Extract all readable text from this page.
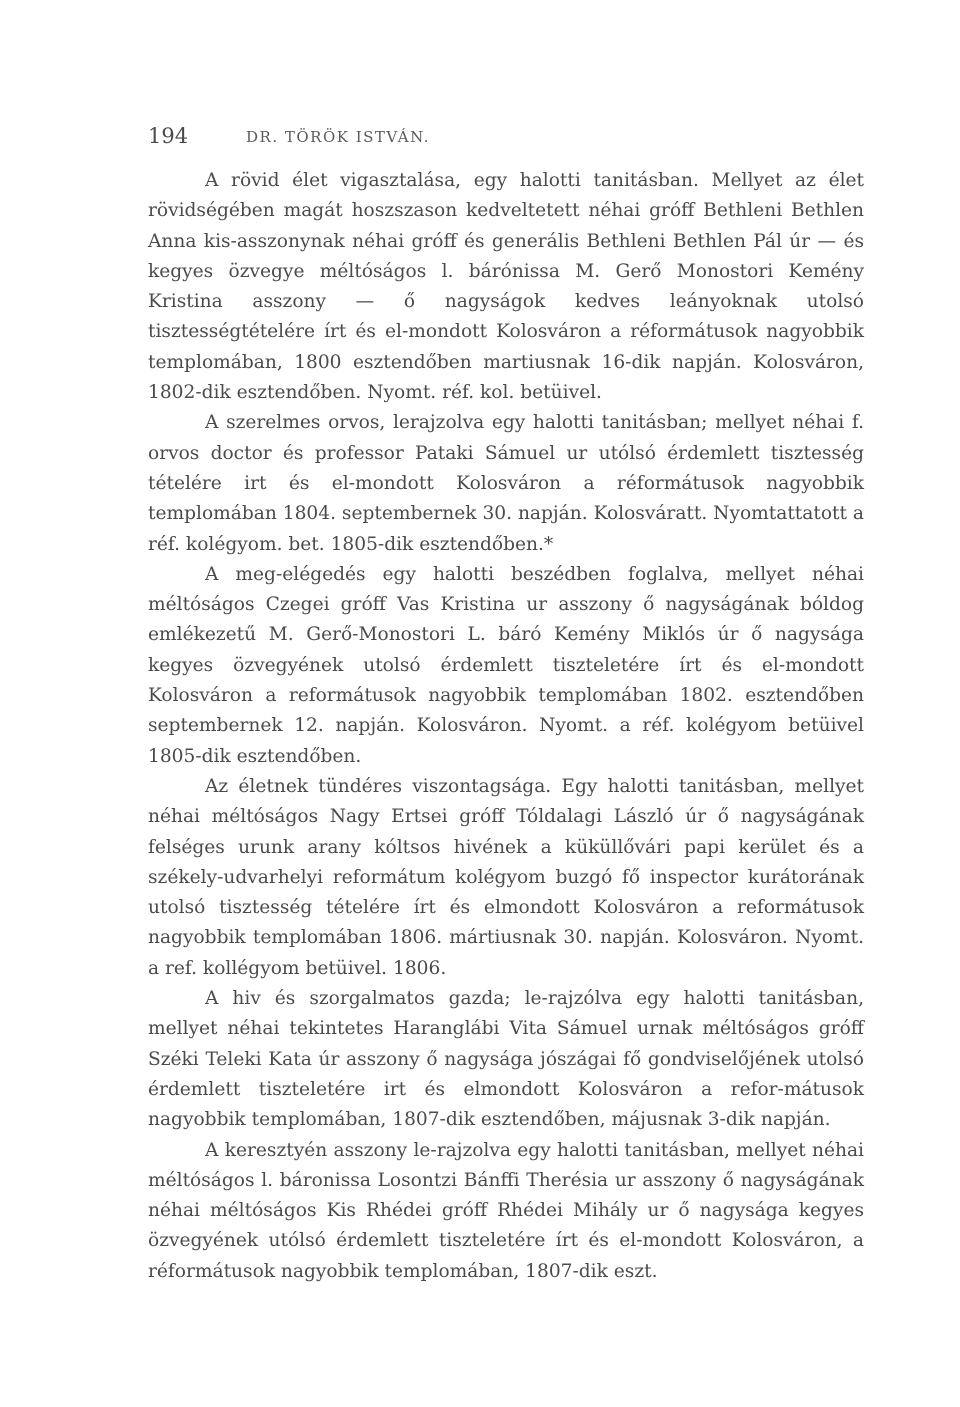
194	DR. TÖRÖK ISTVÁN.

A rövid élet vigasztalása, egy halotti tanitásban. Mellyet az élet rövidségében magát hoszszason kedveltetett néhai gróff Bethleni Bethlen Anna kis-asszonynak néhai gróff és generális Bethleni Bethlen Pál úr — és kegyes özvegye méltóságos l. bárónissa M. Gerő Monostori Kemény Kristina asszony — ő nagyságok kedves leányoknak utolsó tisztességtételére írt és el-mondott Kolosváron a réformátusok nagyobbik templomában, 1800 esztendőben martiusnak 16-dik napján. Kolosváron, 1802-dik esztendőben. Nyomt. réf. kol. betüivel.

A szerelmes orvos, lerajzolva egy halotti tanitásban; mellyet néhai f. orvos doctor és professor Pataki Sámuel ur utólsó érdemlett tisztesség tételére irt és el-mondott Kolosváron a réformátusok nagyobbik templomában 1804. septembernek 30. napján. Kolosváratt. Nyomtattatott a réf. kolégyom. bet. 1805-dik esztendőben.*

A meg-elégedés egy halotti beszédben foglalva, mellyet néhai méltóságos Czegei gróff Vas Kristina ur asszony ő nagyságának bóldog emlékezetű M. Gerő-Monostori L. báró Kemény Miklós úr ő nagysága kegyes özvegyének utolsó érdemlett tiszteletére írt és el-mondott Kolosváron a reformátusok nagyobbik templomában 1802. esztendőben septembernek 12. napján. Kolosváron. Nyomt. a réf. kolégyom betüivel 1805-dik esztendőben.

Az életnek tündéres viszontagsága. Egy halotti tanitásban, mellyet néhai méltóságos Nagy Ertsei gróff Tóldalagi László úr ő nagyságának felséges urunk arany kóltsos hivének a küküllővári papi kerület és a székely-udvarhelyi reformátum kolégyom buzgó fő inspector kurátorának utolsó tisztesség tételére írt és elmondott Kolosváron a reformátusok nagyobbik templomában 1806. mártiusnak 30. napján. Kolosváron. Nyomt. a ref. kollégyom betüivel. 1806.

A hiv és szorgalmatos gazda; le-rajzólva egy halotti tanitásban, mellyet néhai tekintetes Haranglábi Vita Sámuel urnak méltóságos gróff Széki Teleki Kata úr asszony ő nagysága jószágai fő gondviselőjének utolsó érdemlett tiszteletére irt és elmondott Kolosváron a refor-mátusok nagyobbik templomában, 1807-dik esztendőben, májusnak 3-dik napján.

A keresztyén asszony le-rajzolva egy halotti tanitásban, mellyet néhai méltóságos l. báronissa Losontzi Bánffi Therésia ur asszony ő nagyságának néhai méltóságos Kis Rhédei gróff Rhédei Mihály ur ő nagysága kegyes özvegyének utólsó érdemlett tiszteletére írt és el-mondott Kolosváron, a réformátusok nagyobbik templomában, 1807-dik eszt.
